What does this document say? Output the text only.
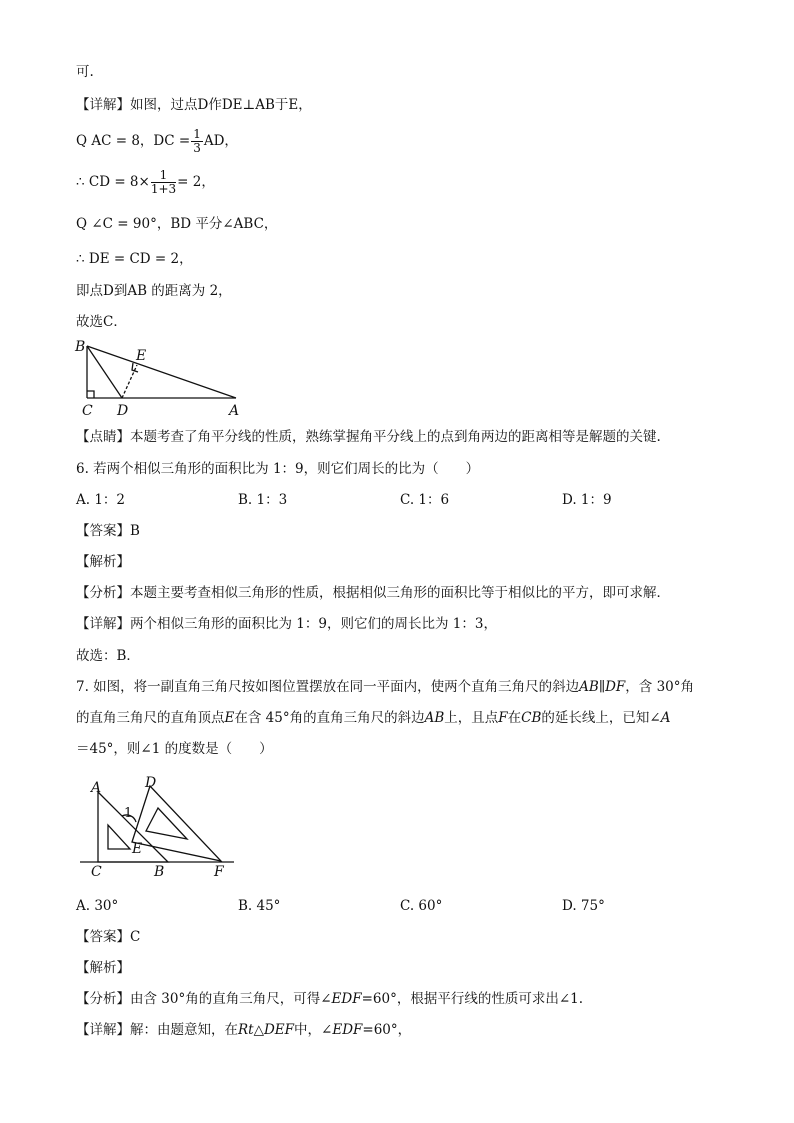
可.
【详解】如图，过点D作DE⊥AB于E，
Q AC = 8，DC = $\frac{1}{3}$ AD，
∴ CD = $8\times \frac{1}{1+3} = 2$，
Q ∠C = 90°，BD 平分∠ABC，
∴ DE = CD = 2，
即点D到AB 的距离为 2，
故选C．
B
E
C D	A
【点睛】本题考查了角平分线的性质，熟练掌握角平分线上的点到角两边的距离相等是解题的关键.
6. 若两个相似三角形的面积比为 1：9，则它们周长的比为（　　）
A. 1：2	B. 1：3	C. 1：6	D. 1：9
【答案】B
【解析】
【分析】本题主要考查相似三角形的性质，根据相似三角形的面积比等于相似比的平方，即可求解．
【详解】两个相似三角形的面积比为 1：9，则它们的周长比为 1：3，
故选：B．
7. 如图，将一副直角三角尺按如图位置摆放在同一平面内，使两个直角三角尺的斜边AB∥DF，含 30°角
的直角三角尺的直角顶点E在含 45°角的直角三角尺的斜边AB上，且点F在CB的延长线上，已知∠A
＝45°，则∠1 的度数是（　　）
A	D
1
E
C	B	F
A. 30°	B. 45°	C. 60°	D. 75°
【答案】C
【解析】
【分析】由含 30°角的直角三角尺，可得∠EDF=60°，根据平行线的性质可求出∠1.
【详解】解：由题意知，在Rt△DEF中，∠EDF=60°，
